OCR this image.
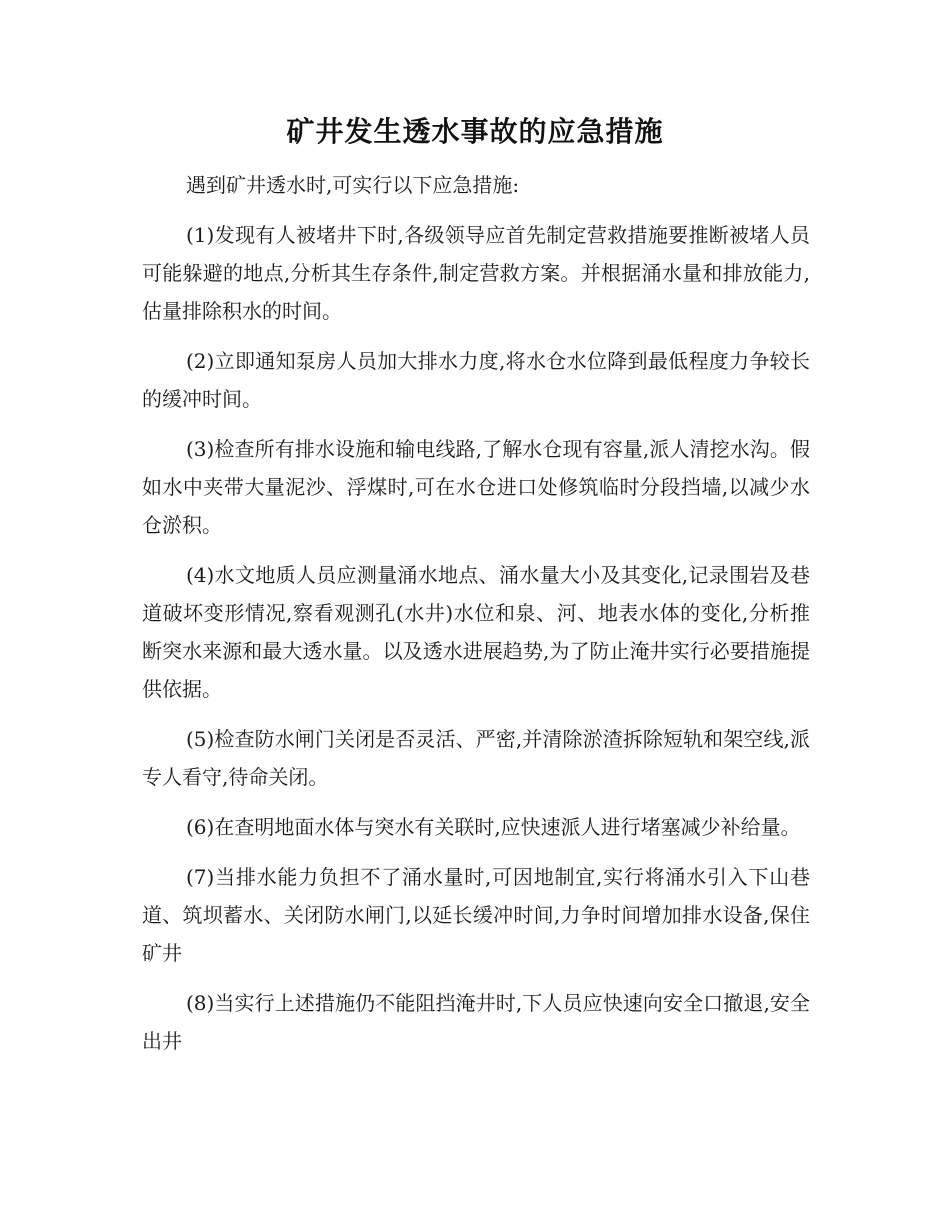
矿井发生透水事故的应急措施

遇到矿井透水时,可实行以下应急措施:

(1)发现有人被堵井下时,各级领导应首先制定营救措施要推断被堵人员可能躲避的地点,分析其生存条件,制定营救方案。并根据涌水量和排放能力,估量排除积水的时间。

(2)立即通知泵房人员加大排水力度,将水仓水位降到最低程度力争较长的缓冲时间。

(3)检查所有排水设施和输电线路,了解水仓现有容量,派人清挖水沟。假如水中夹带大量泥沙、浮煤时,可在水仓进口处修筑临时分段挡墙,以减少水仓淤积。

(4)水文地质人员应测量涌水地点、涌水量大小及其变化,记录围岩及巷道破坏变形情况,察看观测孔(水井)水位和泉、河、地表水体的变化,分析推断突水来源和最大透水量。以及透水进展趋势,为了防止淹井实行必要措施提供依据。

(5)检查防水闸门关闭是否灵活、严密,并清除淤渣拆除短轨和架空线,派专人看守,待命关闭。

(6)在查明地面水体与突水有关联时,应快速派人进行堵塞减少补给量。

(7)当排水能力负担不了涌水量时,可因地制宜,实行将涌水引入下山巷道、筑坝蓄水、关闭防水闸门,以延长缓冲时间,力争时间增加排水设备,保住矿井

(8)当实行上述措施仍不能阻挡淹井时,下人员应快速向安全口撤退,安全出井
